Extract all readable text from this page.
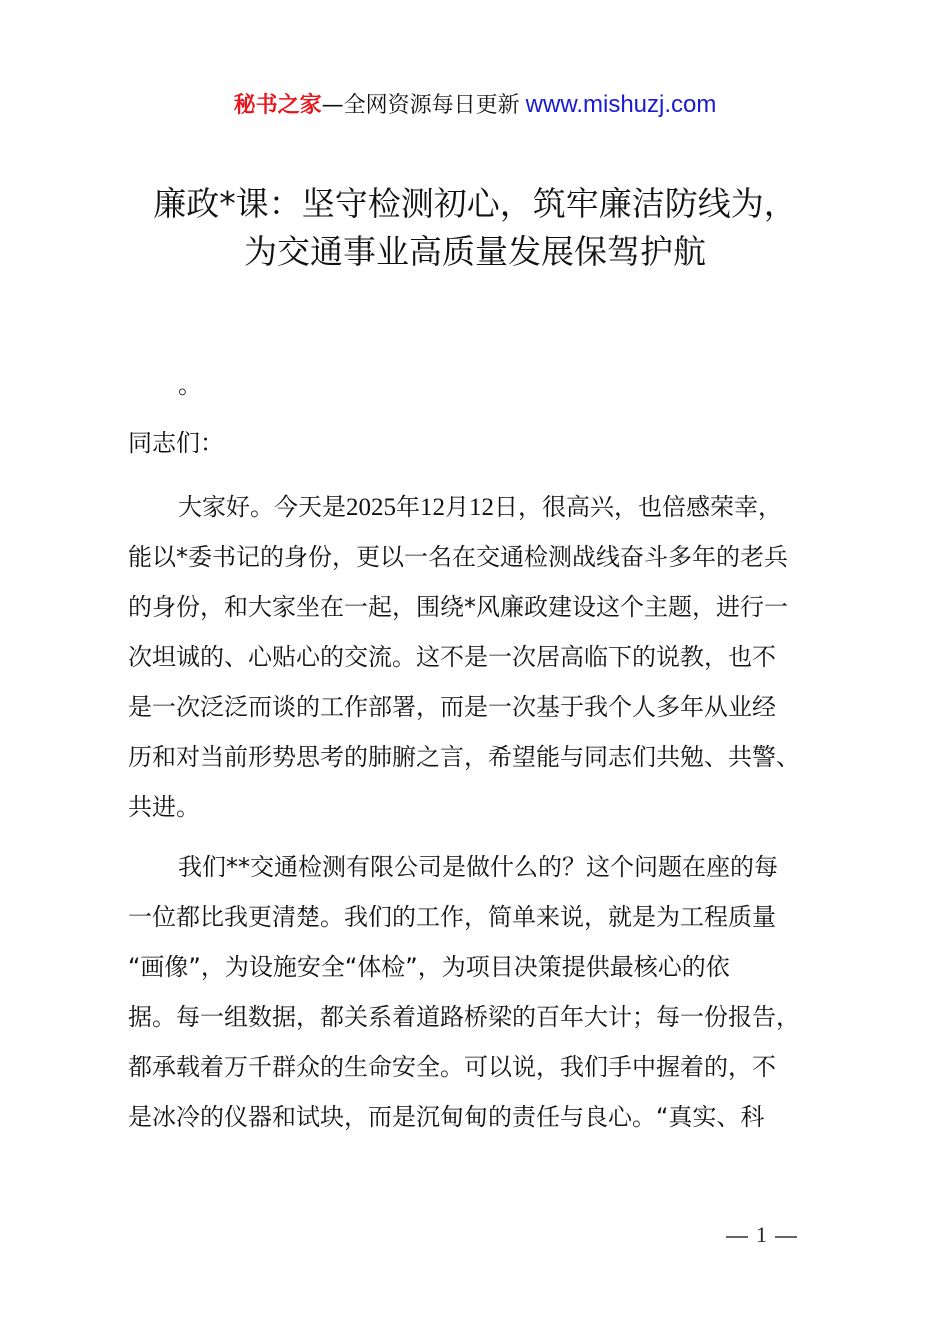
秘书之家—全网资源每日更新 www.mishuzj.com
廉政*课：坚守检测初心，筑牢廉洁防线为，
为交通事业高质量发展保驾护航
。
同志们：
大家好。今天是2025年12月12日，很高兴，也倍感荣幸，
能以*委书记的身份，更以一名在交通检测战线奋斗多年的老兵
的身份，和大家坐在一起，围绕*风廉政建设这个主题，进行一
次坦诚的、心贴心的交流。这不是一次居高临下的说教，也不
是一次泛泛而谈的工作部署，而是一次基于我个人多年从业经
历和对当前形势思考的肺腑之言，希望能与同志们共勉、共警、
共进。
我们**交通检测有限公司是做什么的？这个问题在座的每
一位都比我更清楚。我们的工作，简单来说，就是为工程质量
“画像”，为设施安全“体检”，为项目决策提供最核心的依
据。每一组数据，都关系着道路桥梁的百年大计；每一份报告，
都承载着万千群众的生命安全。可以说，我们手中握着的，不
是冰冷的仪器和试块，而是沉甸甸的责任与良心。“真实、科
1
